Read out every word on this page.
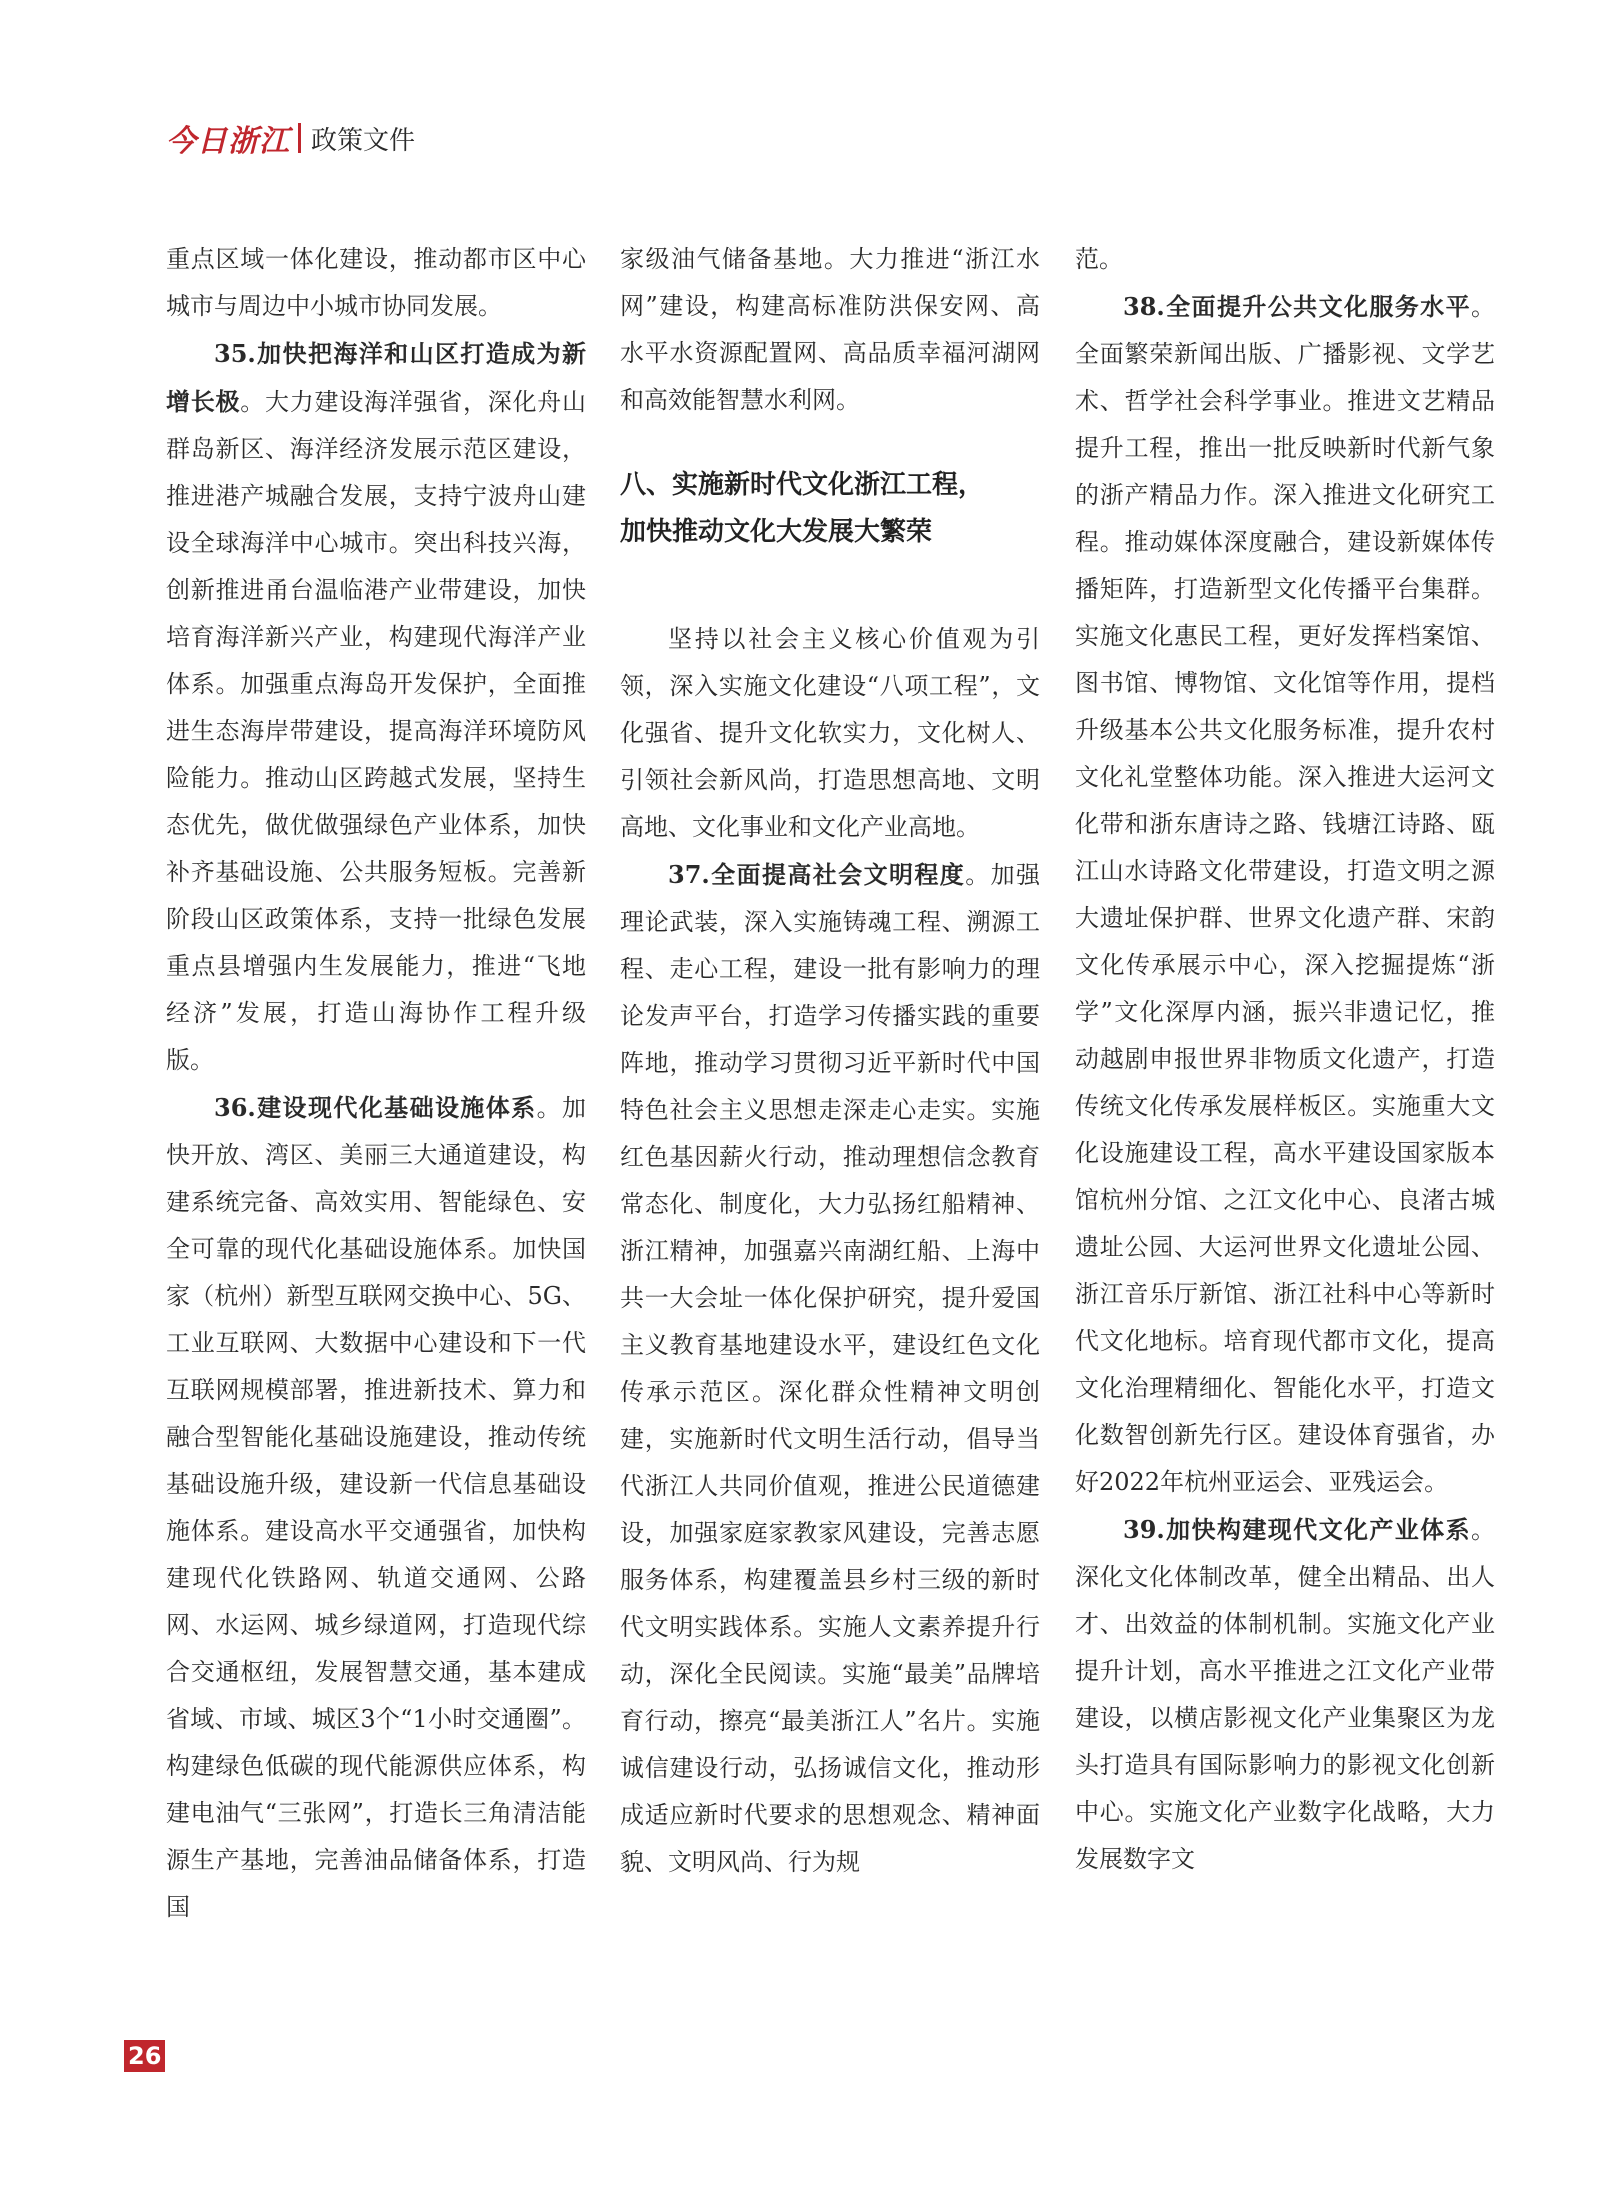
今日浙江 政策文件

重点区域一体化建设，推动都市区中心城市与周边中小城市协同发展。

35.加快把海洋和山区打造成为新增长极。大力建设海洋强省，深化舟山群岛新区、海洋经济发展示范区建设，推进港产城融合发展，支持宁波舟山建设全球海洋中心城市。突出科技兴海，创新推进甬台温临港产业带建设，加快培育海洋新兴产业，构建现代海洋产业体系。加强重点海岛开发保护，全面推进生态海岸带建设，提高海洋环境防风险能力。推动山区跨越式发展，坚持生态优先，做优做强绿色产业体系，加快补齐基础设施、公共服务短板。完善新阶段山区政策体系，支持一批绿色发展重点县增强内生发展能力，推进“飞地经济”发展，打造山海协作工程升级版。

36.建设现代化基础设施体系。加快开放、湾区、美丽三大通道建设，构建系统完备、高效实用、智能绿色、安全可靠的现代化基础设施体系。加快国家（杭州）新型互联网交换中心、5G、工业互联网、大数据中心建设和下一代互联网规模部署，推进新技术、算力和融合型智能化基础设施建设，推动传统基础设施升级，建设新一代信息基础设施体系。建设高水平交通强省，加快构建现代化铁路网、轨道交通网、公路网、水运网、城乡绿道网，打造现代综合交通枢纽，发展智慧交通，基本建成省域、市域、城区3个“1小时交通圈”。构建绿色低碳的现代能源供应体系，构建电油气“三张网”，打造长三角清洁能源生产基地，完善油品储备体系，打造国

家级油气储备基地。大力推进“浙江水网”建设，构建高标准防洪保安网、高水平水资源配置网、高品质幸福河湖网和高效能智慧水利网。

八、实施新时代文化浙江工程，
加快推动文化大发展大繁荣

坚持以社会主义核心价值观为引领，深入实施文化建设“八项工程”，文化强省、提升文化软实力，文化树人、引领社会新风尚，打造思想高地、文明高地、文化事业和文化产业高地。

37.全面提高社会文明程度。加强理论武装，深入实施铸魂工程、溯源工程、走心工程，建设一批有影响力的理论发声平台，打造学习传播实践的重要阵地，推动学习贯彻习近平新时代中国特色社会主义思想走深走心走实。实施红色基因薪火行动，推动理想信念教育常态化、制度化，大力弘扬红船精神、浙江精神，加强嘉兴南湖红船、上海中共一大会址一体化保护研究，提升爱国主义教育基地建设水平，建设红色文化传承示范区。深化群众性精神文明创建，实施新时代文明生活行动，倡导当代浙江人共同价值观，推进公民道德建设，加强家庭家教家风建设，完善志愿服务体系，构建覆盖县乡村三级的新时代文明实践体系。实施人文素养提升行动，深化全民阅读。实施“最美”品牌培育行动，擦亮“最美浙江人”名片。实施诚信建设行动，弘扬诚信文化，推动形成适应新时代要求的思想观念、精神面貌、文明风尚、行为规

范。

38.全面提升公共文化服务水平。全面繁荣新闻出版、广播影视、文学艺术、哲学社会科学事业。推进文艺精品提升工程，推出一批反映新时代新气象的浙产精品力作。深入推进文化研究工程。推动媒体深度融合，建设新媒体传播矩阵，打造新型文化传播平台集群。实施文化惠民工程，更好发挥档案馆、图书馆、博物馆、文化馆等作用，提档升级基本公共文化服务标准，提升农村文化礼堂整体功能。深入推进大运河文化带和浙东唐诗之路、钱塘江诗路、瓯江山水诗路文化带建设，打造文明之源大遗址保护群、世界文化遗产群、宋韵文化传承展示中心，深入挖掘提炼“浙学”文化深厚内涵，振兴非遗记忆，推动越剧申报世界非物质文化遗产，打造传统文化传承发展样板区。实施重大文化设施建设工程，高水平建设国家版本馆杭州分馆、之江文化中心、良渚古城遗址公园、大运河世界文化遗址公园、浙江音乐厅新馆、浙江社科中心等新时代文化地标。培育现代都市文化，提高文化治理精细化、智能化水平，打造文化数智创新先行区。建设体育强省，办好2022年杭州亚运会、亚残运会。

39.加快构建现代文化产业体系。深化文化体制改革，健全出精品、出人才、出效益的体制机制。实施文化产业提升计划，高水平推进之江文化产业带建设，以横店影视文化产业集聚区为龙头打造具有国际影响力的影视文化创新中心。实施文化产业数字化战略，大力发展数字文

26
